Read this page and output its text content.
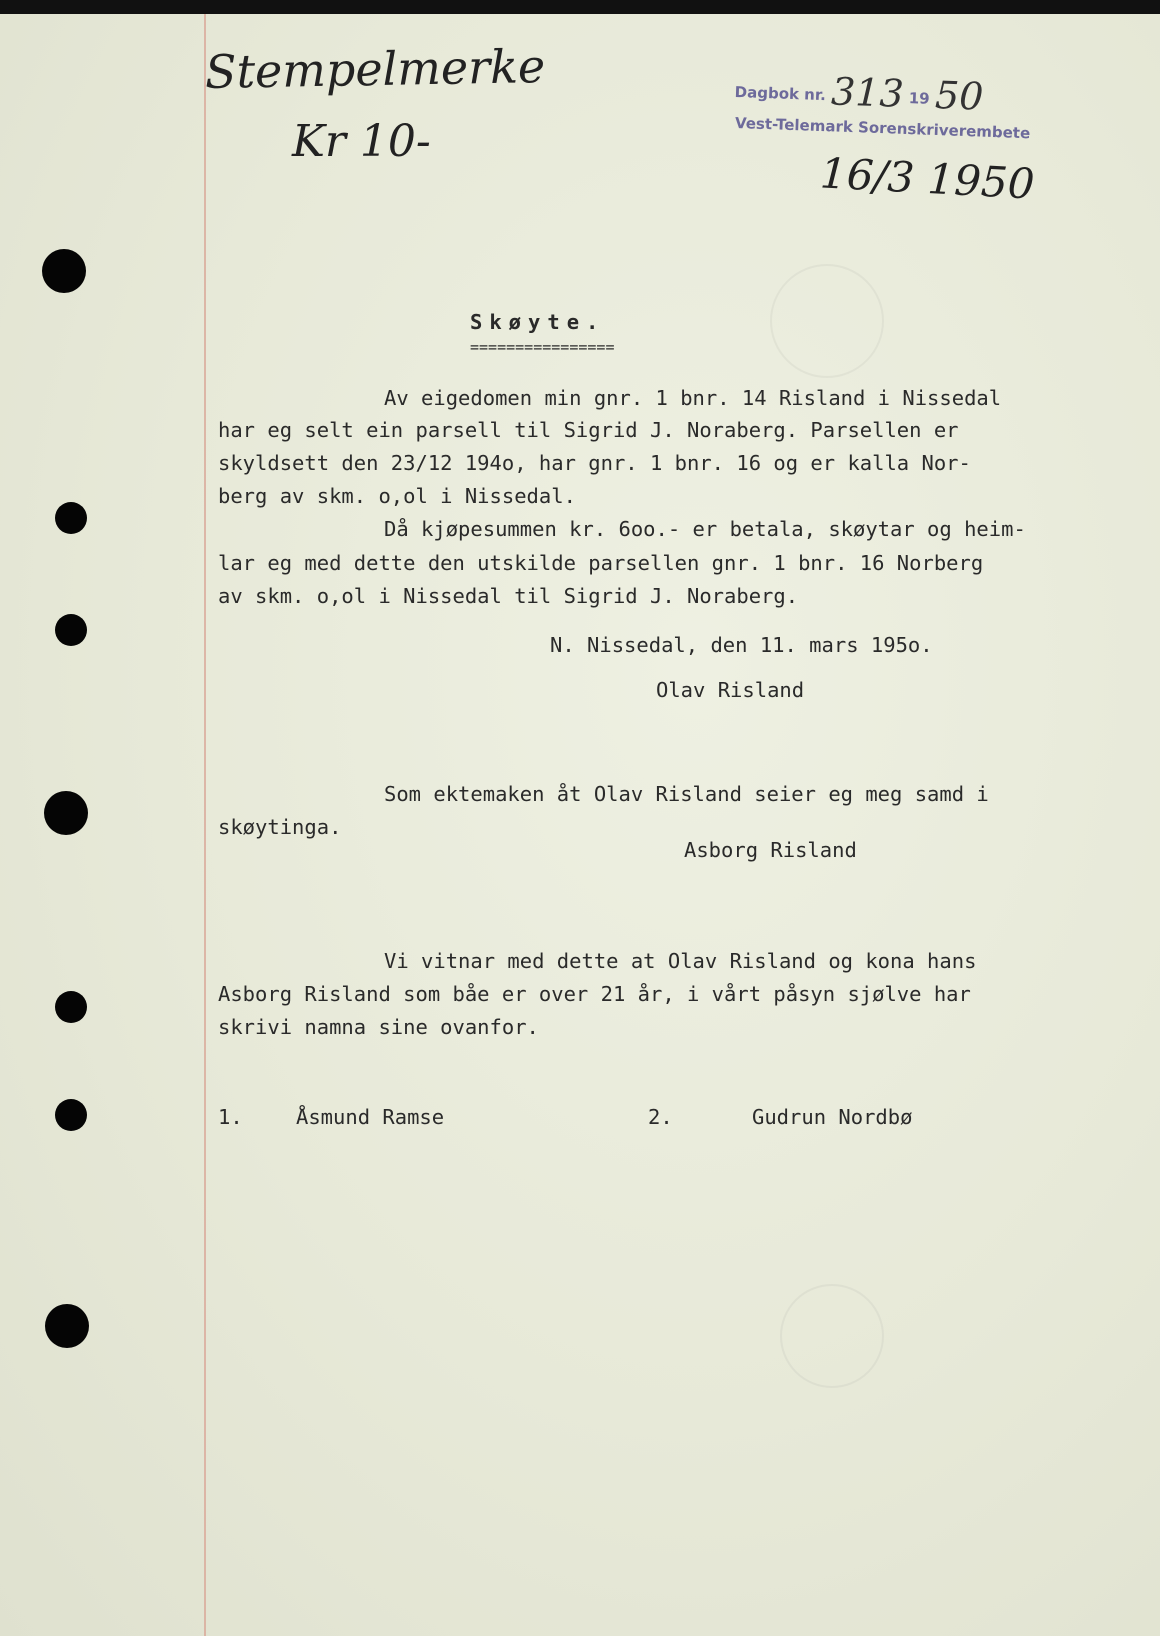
Stempelmerke
Kr 10-
Dagbok nr. 313 19 50
Vest-Telemark Sorenskriverembete
16/3 1950
Skøyte.
================
Av eigedomen min gnr. 1 bnr. 14 Risland i Nissedal
har eg selt ein parsell til Sigrid J. Noraberg. Parsellen er
skyldsett den 23/12 194o, har gnr. 1 bnr. 16 og er kalla Nor-
berg av skm. o,ol i Nissedal.
Då kjøpesummen kr. 6oo.- er betala, skøytar og heim-
lar eg med dette den utskilde parsellen gnr. 1 bnr. 16 Norberg
av skm. o,ol i Nissedal til Sigrid J. Noraberg.
N. Nissedal, den 11. mars 195o.
Olav Risland
Som ektemaken åt Olav Risland seier eg meg samd i
skøytinga.
Asborg Risland
Vi vitnar med dette at Olav Risland og kona hans
Asborg Risland som båe er over 21 år, i vårt påsyn sjølve har
skrivi namna sine ovanfor.
1.	Åsmund Ramse	2.	Gudrun Nordbø
